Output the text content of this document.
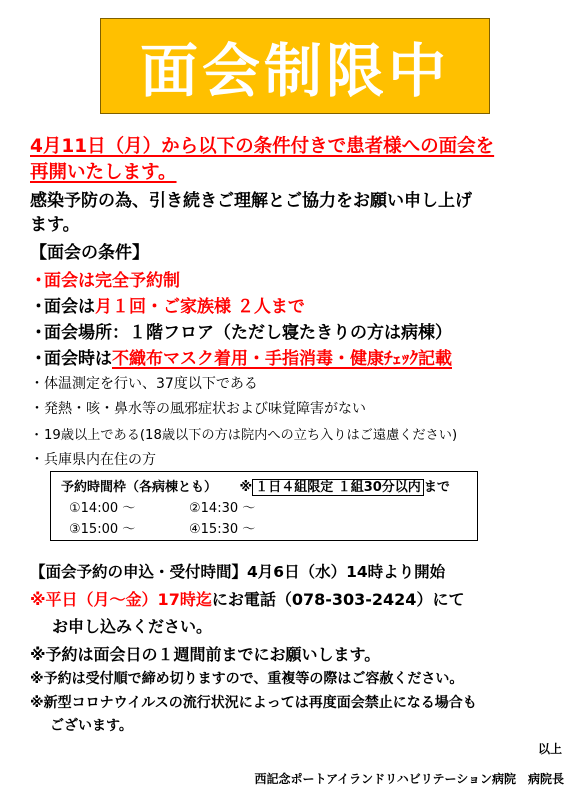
面会制限中
4月11日（月）から以下の条件付きで患者様への面会を
再開いたします。
感染予防の為、引き続きご理解とご協力をお願い申し上げ
ます。
【面会の条件】
・面会は完全予約制
・面会は月１回・ご家族様 ２人まで
・面会場所：１階フロア（ただし寝たきりの方は病棟）
・面会時は不織布マスク着用・手指消毒・健康ﾁｪｯｸ記載
・体温測定を行い、37度以下である
・発熱・咳・鼻水等の風邪症状および味覚障害がない
・19歳以上である(18歳以下の方は院内への立ち入りはご遠慮ください)
・兵庫県内在住の方
予約時間枠（各病棟とも） ※ １日４組限定 １組30分以内 まで
①14:00 ～	②14:30 ～
③15:00 ～	④15:30 ～
【面会予約の申込・受付時間】4月6日（水）14時より開始
※平日（月～金）17時迄にお電話（078-303-2424）にて
お申し込みください。
※予約は面会日の１週間前までにお願いします。
※予約は受付順で締め切りますので、重複等の際はご容赦ください。
※新型コロナウイルスの流行状況によっては再度面会禁止になる場合も
ございます。
以上
西記念ポートアイランドリハビリテーション病院　病院長
